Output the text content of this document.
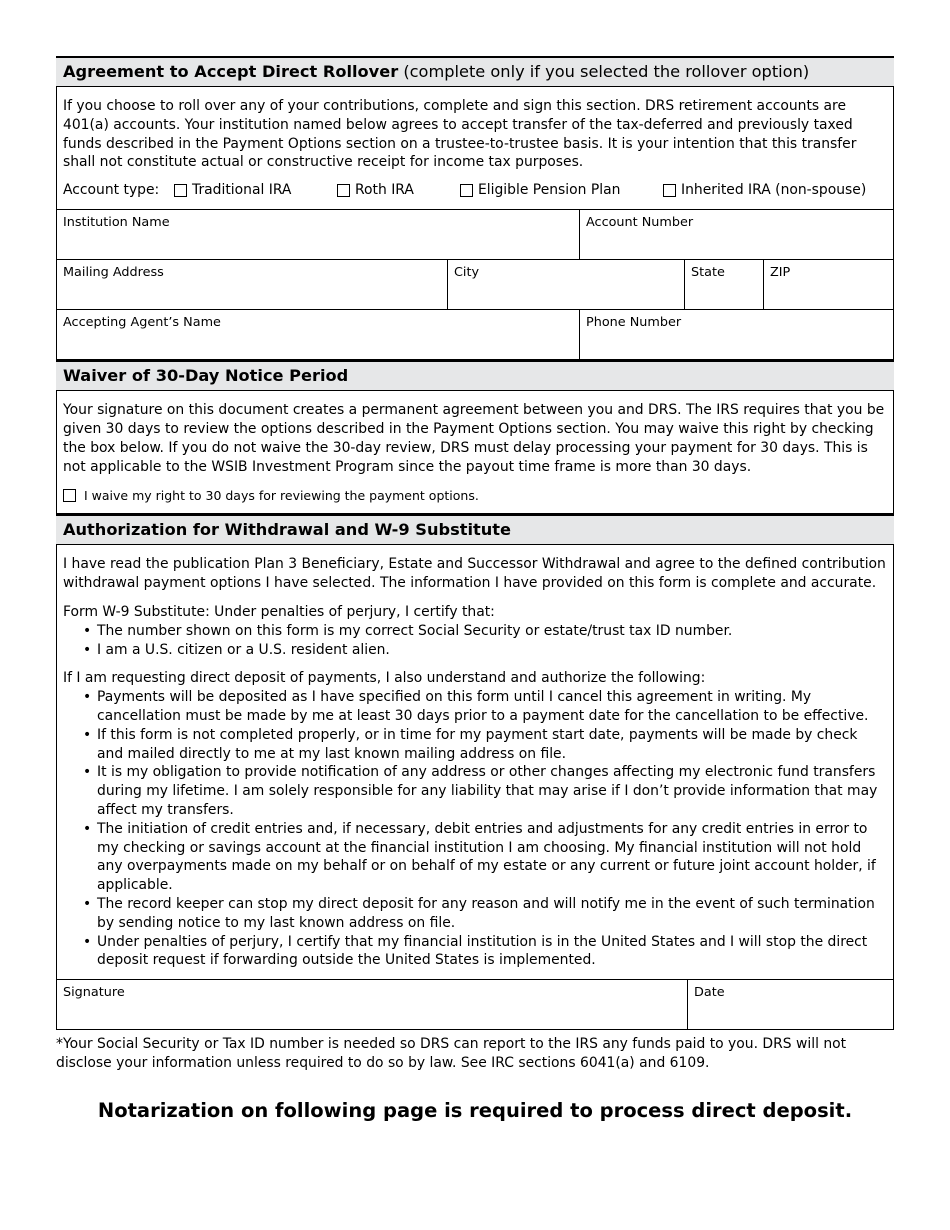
Agreement to Accept Direct Rollover (complete only if you selected the rollover option)

If you choose to roll over any of your contributions, complete and sign this section. DRS retirement accounts are 401(a) accounts. Your institution named below agrees to accept transfer of the tax-deferred and previously taxed funds described in the Payment Options section on a trustee-to-trustee basis. It is your intention that this transfer shall not constitute actual or constructive receipt for income tax purposes.

Account type:	Traditional IRA	Roth IRA	Eligible Pension Plan	Inherited IRA (non-spouse)
Institution Name	Account Number
Mailing Address	City	State	ZIP
Accepting Agent’s Name	Phone Number
Waiver of 30-Day Notice Period

Your signature on this document creates a permanent agreement between you and DRS. The IRS requires that you be given 30 days to review the options described in the Payment Options section. You may waive this right by checking the box below. If you do not waive the 30-day review, DRS must delay processing your payment for 30 days. This is not applicable to the WSIB Investment Program since the payout time frame is more than 30 days.

I waive my right to 30 days for reviewing the payment options.
Authorization for Withdrawal and W-9 Substitute

I have read the publication Plan 3 Beneficiary, Estate and Successor Withdrawal and agree to the defined contribution withdrawal payment options I have selected. The information I have provided on this form is complete and accurate.

Form W-9 Substitute: Under penalties of perjury, I certify that:

• The number shown on this form is my correct Social Security or estate/trust tax ID number.
• I am a U.S. citizen or a U.S. resident alien.

If I am requesting direct deposit of payments, I also understand and authorize the following:

• Payments will be deposited as I have specified on this form until I cancel this agreement in writing. My cancellation must be made by me at least 30 days prior to a payment date for the cancellation to be effective.
• If this form is not completed properly, or in time for my payment start date, payments will be made by check and mailed directly to me at my last known mailing address on file.
• It is my obligation to provide notification of any address or other changes affecting my electronic fund transfers during my lifetime. I am solely responsible for any liability that may arise if I don’t provide information that may affect my transfers.
• The initiation of credit entries and, if necessary, debit entries and adjustments for any credit entries in error to my checking or savings account at the financial institution I am choosing. My financial institution will not hold any overpayments made on my behalf or on behalf of my estate or any current or future joint account holder, if applicable.
• The record keeper can stop my direct deposit for any reason and will notify me in the event of such termination by sending notice to my last known address on file.
• Under penalties of perjury, I certify that my financial institution is in the United States and I will stop the direct deposit request if forwarding outside the United States is implemented.
Signature	Date
*Your Social Security or Tax ID number is needed so DRS can report to the IRS any funds paid to you. DRS will not disclose your information unless required to do so by law. See IRC sections 6041(a) and 6109.
Notarization on following page is required to process direct deposit.
